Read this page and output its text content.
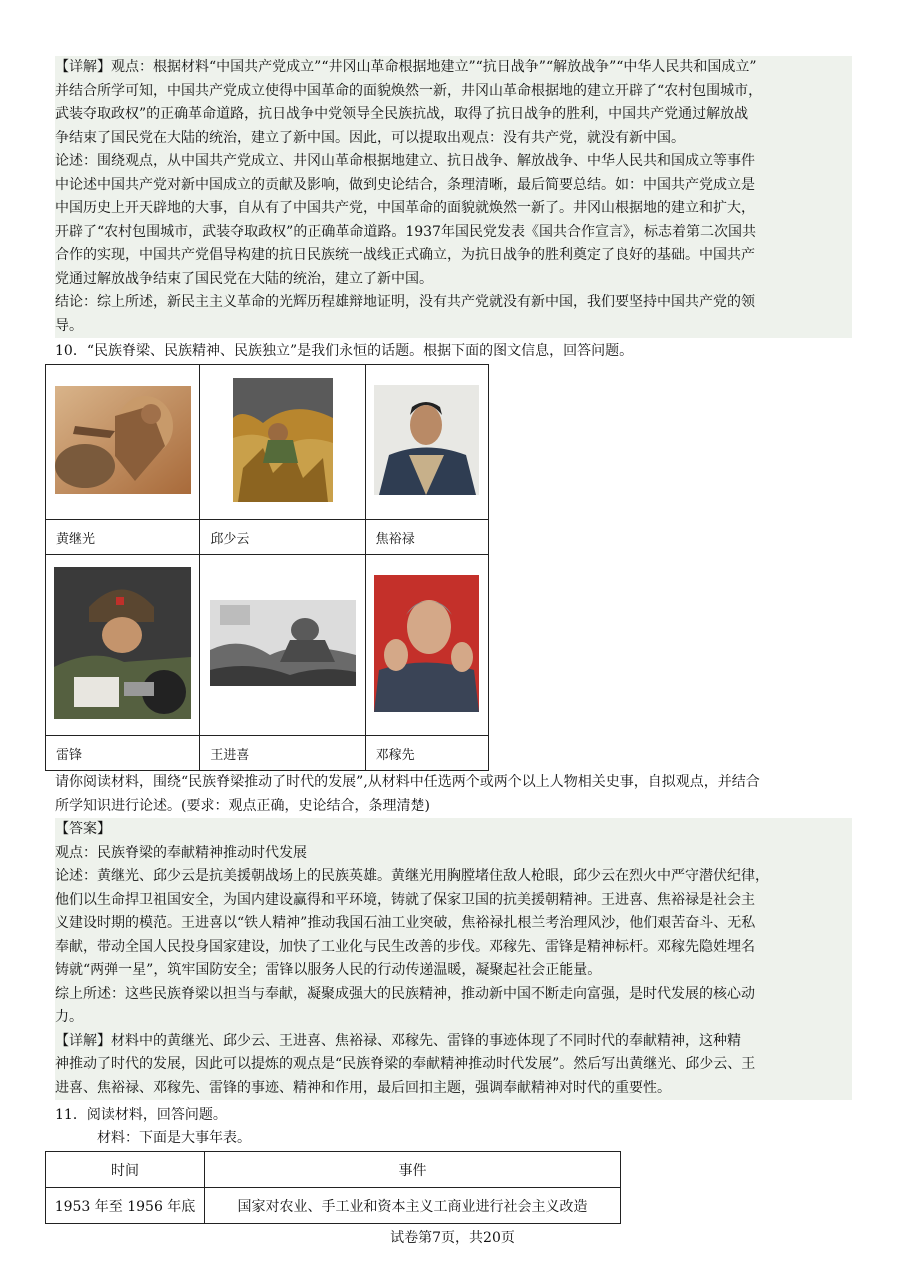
【详解】观点：根据材料“中国共产党成立”“井冈山革命根据地建立”“抗日战争”“解放战争”“中华人民共和国成立”

并结合所学可知，中国共产党成立使得中国革命的面貌焕然一新，井冈山革命根据地的建立开辟了“农村包围城市，

武装夺取政权”的正确革命道路，抗日战争中党领导全民族抗战，取得了抗日战争的胜利，中国共产党通过解放战

争结束了国民党在大陆的统治，建立了新中国。因此，可以提取出观点：没有共产党，就没有新中国。

论述：围绕观点，从中国共产党成立、井冈山革命根据地建立、抗日战争、解放战争、中华人民共和国成立等事件

中论述中国共产党对新中国成立的贡献及影响，做到史论结合，条理清晰，最后简要总结。如：中国共产党成立是

中国历史上开天辟地的大事，自从有了中国共产党，中国革命的面貌就焕然一新了。井冈山根据地的建立和扩大，

开辟了“农村包围城市，武装夺取政权”的正确革命道路。1937年国民党发表《国共合作宣言》，标志着第二次国共

合作的实现，中国共产党倡导构建的抗日民族统一战线正式确立，为抗日战争的胜利奠定了良好的基础。中国共产

党通过解放战争结束了国民党在大陆的统治，建立了新中国。

结论：综上所述，新民主主义革命的光辉历程雄辩地证明，没有共产党就没有新中国，我们要坚持中国共产党的领

导。

10．“民族脊梁、民族精神、民族独立”是我们永恒的话题。根据下面的图文信息，回答问题。

黄继光	邱少云	焦裕禄

雷锋	王进喜	邓稼先
请你阅读材料，围绕“民族脊梁推动了时代的发展”,从材料中任选两个或两个以上人物相关史事，自拟观点，并结合
所学知识进行论述。(要求：观点正确，史论结合，条理清楚)

【答案】

观点：民族脊梁的奉献精神推动时代发展

论述：黄继光、邱少云是抗美援朝战场上的民族英雄。黄继光用胸膛堵住敌人枪眼，邱少云在烈火中严守潜伏纪律，

他们以生命捍卫祖国安全，为国内建设赢得和平环境，铸就了保家卫国的抗美援朝精神。王进喜、焦裕禄是社会主

义建设时期的模范。王进喜以“铁人精神”推动我国石油工业突破，焦裕禄扎根兰考治理风沙，他们艰苦奋斗、无私

奉献，带动全国人民投身国家建设，加快了工业化与民生改善的步伐。邓稼先、雷锋是精神标杆。邓稼先隐姓埋名

铸就“两弹一星”，筑牢国防安全；雷锋以服务人民的行动传递温暖，凝聚起社会正能量。

综上所述：这些民族脊梁以担当与奉献，凝聚成强大的民族精神，推动新中国不断走向富强，是时代发展的核心动

力。

【详解】材料中的黄继光、邱少云、王进喜、焦裕禄、邓稼先、雷锋的事迹体现了不同时代的奉献精神，这种精

神推动了时代的发展，因此可以提炼的观点是“民族脊梁的奉献精神推动时代发展”。然后写出黄继光、邱少云、王

进喜、焦裕禄、邓稼先、雷锋的事迹、精神和作用，最后回扣主题，强调奉献精神对时代的重要性。

11．阅读材料，回答问题。
材料：下面是大事年表。
时间	事件
1953 年至 1956 年底	国家对农业、手工业和资本主义工商业进行社会主义改造
试卷第7页，共20页
